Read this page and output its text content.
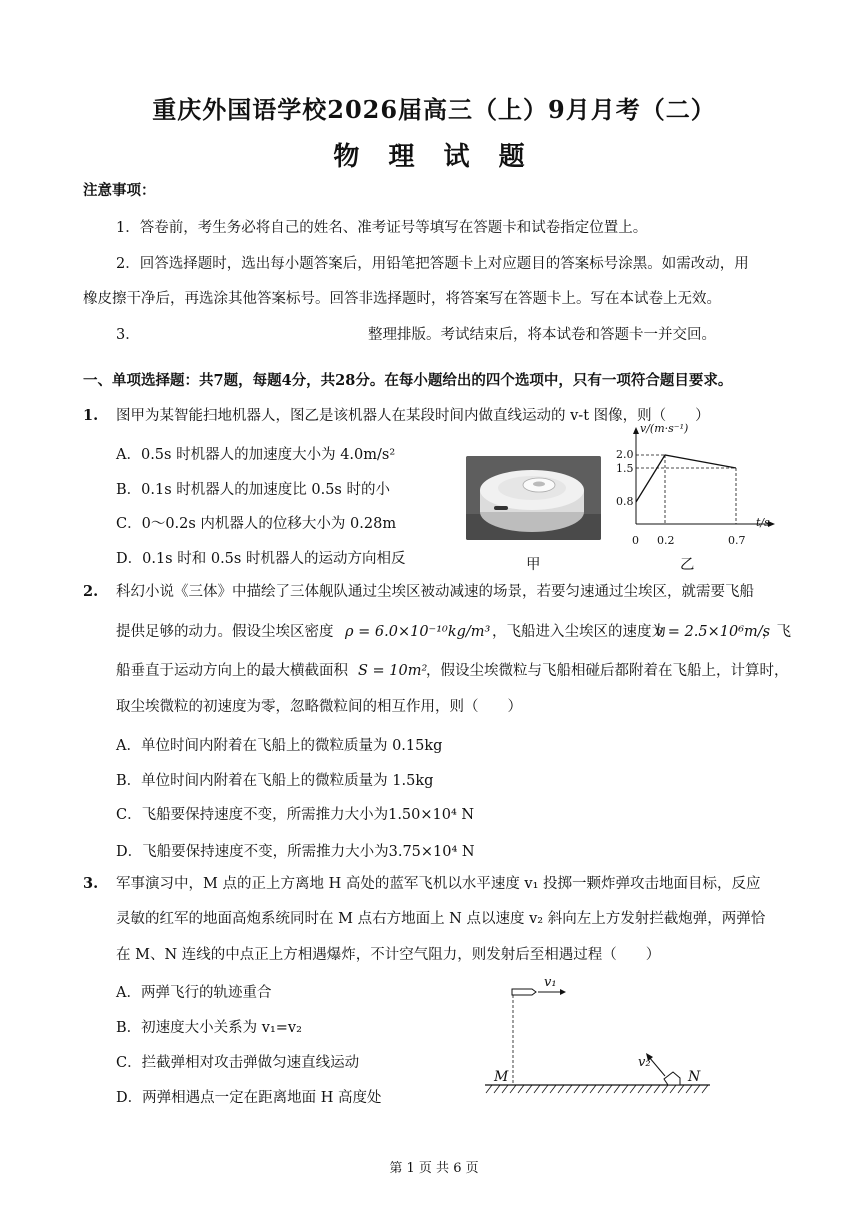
重庆外国语学校2026届高三（上）9月月考（二）
物 理 试 题
注意事项：
1．答卷前，考生务必将自己的姓名、准考证号等填写在答题卡和试卷指定位置上。
2．回答选择题时，选出每小题答案后，用铅笔把答题卡上对应题目的答案标号涂黑。如需改动，用
橡皮擦干净后，再选涂其他答案标号。回答非选择题时，将答案写在答题卡上。写在本试卷上无效。
3．	整理排版。考试结束后，将本试卷和答题卡一并交回。
一、单项选择题：共7题，每题4分，共28分。在每小题给出的四个选项中，只有一项符合题目要求。
1. 图甲为某智能扫地机器人，图乙是该机器人在某段时间内做直线运动的 v-t 图像，则（　　）
A．0.5s 时机器人的加速度大小为 4.0m/s²
B．0.1s 时机器人的加速度比 0.5s 时的小
C．0～0.2s 内机器人的位移大小为 0.28m
D．0.1s 时和 0.5s 时机器人的运动方向相反	甲
v/(m·s⁻¹)
t/s
2.0
1.5
0.8
0 0.2	0.7
乙
2. 科幻小说《三体》中描绘了三体舰队通过尘埃区被动减速的场景，若要匀速通过尘埃区，就需要飞船
提供足够的动力。假设尘埃区密度 ρ = 6.0×10⁻¹⁰kg/m³ ，飞船进入尘埃区的速度为
v = 2.5×10⁶m/s
，飞
船垂直于运动方向上的最大横截面积 S = 10m²
，假设尘埃微粒与飞船相碰后都附着在飞船上，计算时，
取尘埃微粒的初速度为零，忽略微粒间的相互作用，则（　　）
A．单位时间内附着在飞船上的微粒质量为 0.15kg
B．单位时间内附着在飞船上的微粒质量为 1.5kg
C．飞船要保持速度不变，所需推力大小为1.50×10⁴ N
D．飞船要保持速度不变，所需推力大小为3.75×10⁴ N
3. 军事演习中，M 点的正上方离地 H 高处的蓝军飞机以水平速度 v₁ 投掷一颗炸弹攻击地面目标，反应
灵敏的红军的地面高炮系统同时在 M 点右方地面上 N 点以速度 v₂ 斜向左上方发射拦截炮弹，两弹恰
在 M、N 连线的中点正上方相遇爆炸，不计空气阻力，则发射后至相遇过程（　　）
A．两弹飞行的轨迹重合
B．初速度大小关系为 v₁=v₂
C．拦截弹相对攻击弹做匀速直线运动
D．两弹相遇点一定在距离地面 H 高度处
v₁
v₂
M	N
第 1 页 共 6 页
